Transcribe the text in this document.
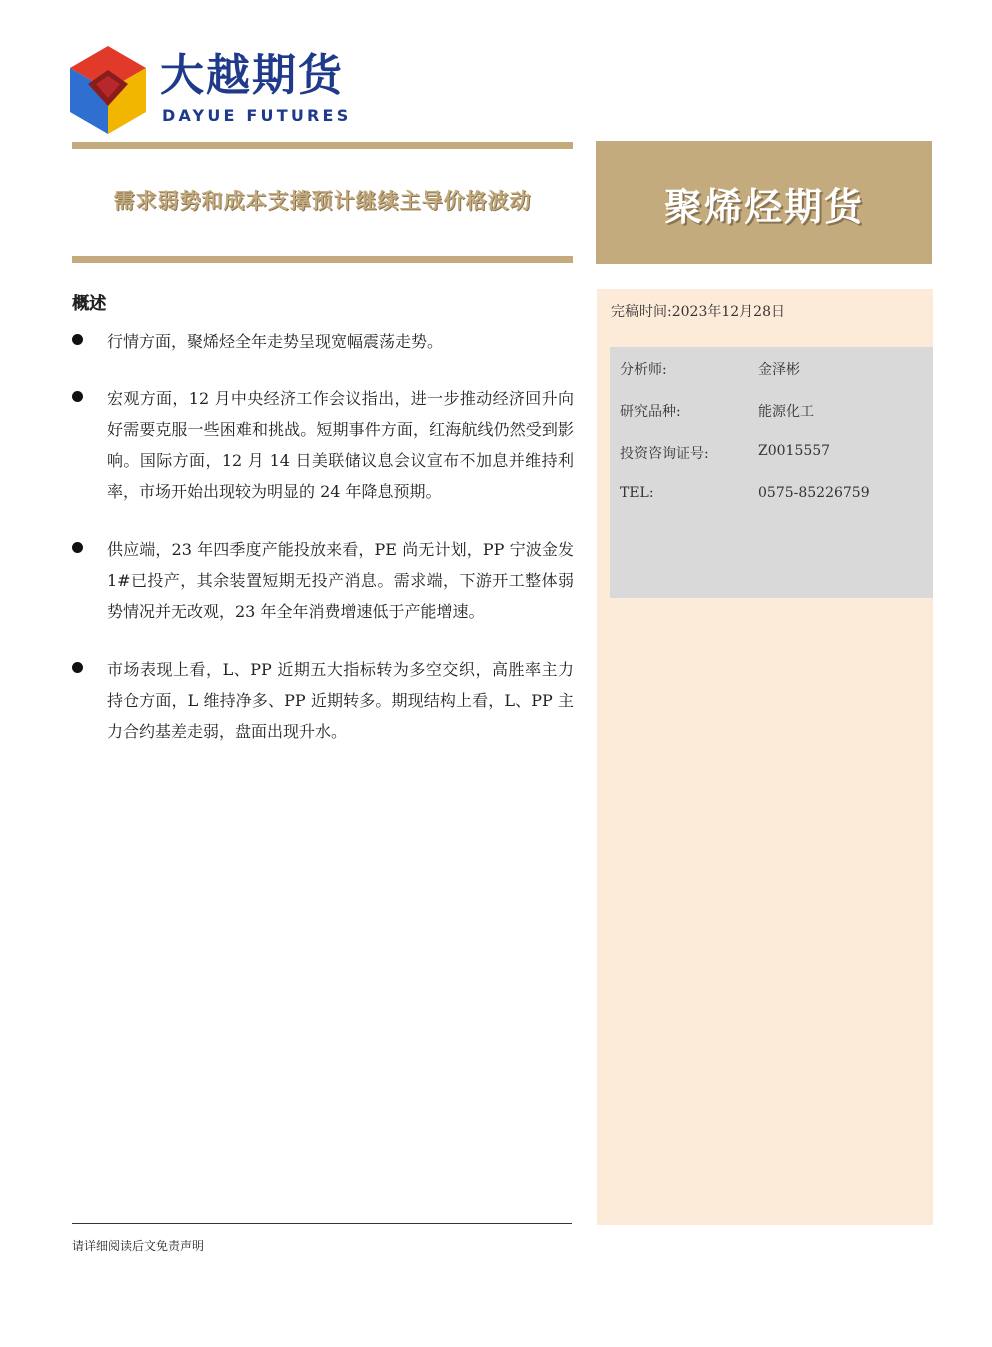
大越期货
DAYUE FUTURES
需求弱势和成本支撑预计继续主导价格波动	聚烯烃期货
完稿时间:2023年12月28日
分析师:	金泽彬
研究品种:	能源化工
投资咨询证号:	Z0015557
TEL:	0575-85226759
概述
行情方面，聚烯烃全年走势呈现宽幅震荡走势。
宏观方面，12 月中央经济工作会议指出，进一步推动经济回升向好需要克服一些困难和挑战。短期事件方面，红海航线仍然受到影响。国际方面，12 月 14 日美联储议息会议宣布不加息并维持利率，市场开始出现较为明显的 24 年降息预期。
供应端，23 年四季度产能投放来看，PE 尚无计划，PP 宁波金发 1#已投产，其余装置短期无投产消息。需求端，下游开工整体弱势情况并无改观，23 年全年消费增速低于产能增速。
市场表现上看，L、PP 近期五大指标转为多空交织，高胜率主力持仓方面，L 维持净多、PP 近期转多。期现结构上看，L、PP 主力合约基差走弱，盘面出现升水。
请详细阅读后文免责声明
